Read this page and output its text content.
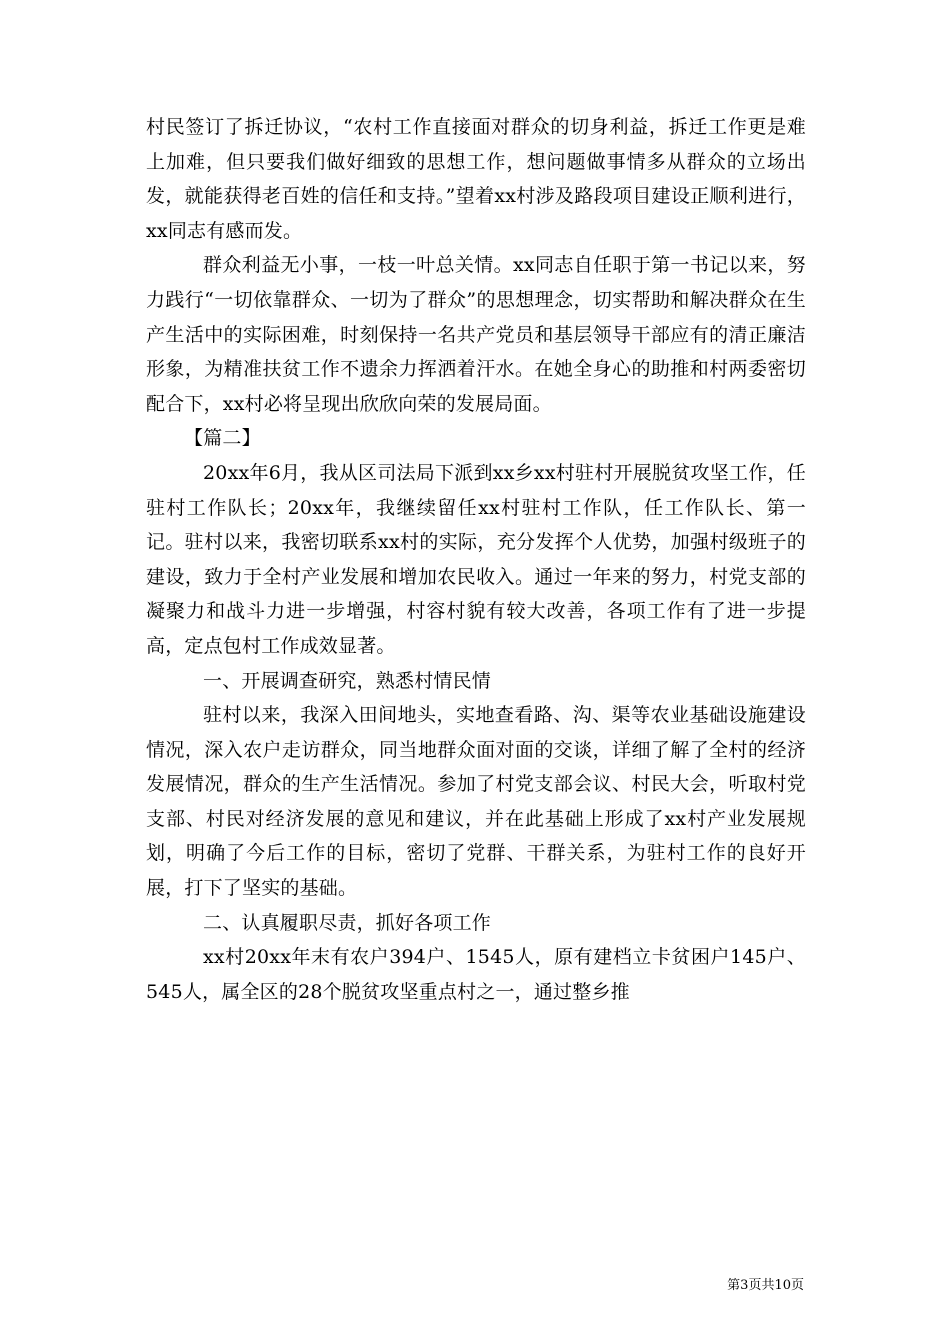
村民签订了拆迁协议，“农村工作直接面对群众的切身利益，拆迁工作更是难上加难，但只要我们做好细致的思想工作，想问题做事情多从群众的立场出发，就能获得老百姓的信任和支持。”望着xx村涉及路段项目建设正顺利进行，xx同志有感而发。

群众利益无小事，一枝一叶总关情。xx同志自任职于第一书记以来，努力践行“一切依靠群众、一切为了群众”的思想理念，切实帮助和解决群众在生产生活中的实际困难，时刻保持一名共产党员和基层领导干部应有的清正廉洁形象，为精准扶贫工作不遗余力挥洒着汗水。在她全身心的助推和村两委密切配合下，xx村必将呈现出欣欣向荣的发展局面。

【篇二】

20xx年6月，我从区司法局下派到xx乡xx村驻村开展脱贫攻坚工作，任驻村工作队长；20xx年，我继续留任xx村驻村工作队，任工作队长、第一记。驻村以来，我密切联系xx村的实际，充分发挥个人优势，加强村级班子的建设，致力于全村产业发展和增加农民收入。通过一年来的努力，村党支部的凝聚力和战斗力进一步增强，村容村貌有较大改善，各项工作有了进一步提高，定点包村工作成效显著。

一、开展调查研究，熟悉村情民情

驻村以来，我深入田间地头，实地查看路、沟、渠等农业基础设施建设情况，深入农户走访群众，同当地群众面对面的交谈，详细了解了全村的经济发展情况，群众的生产生活情况。参加了村党支部会议、村民大会，听取村党支部、村民对经济发展的意见和建议，并在此基础上形成了xx村产业发展规划，明确了今后工作的目标，密切了党群、干群关系，为驻村工作的良好开展，打下了坚实的基础。

二、认真履职尽责，抓好各项工作

xx村20xx年末有农户394户、1545人，原有建档立卡贫困户145户、545人，属全区的28个脱贫攻坚重点村之一，通过整乡推

第3页共10页
